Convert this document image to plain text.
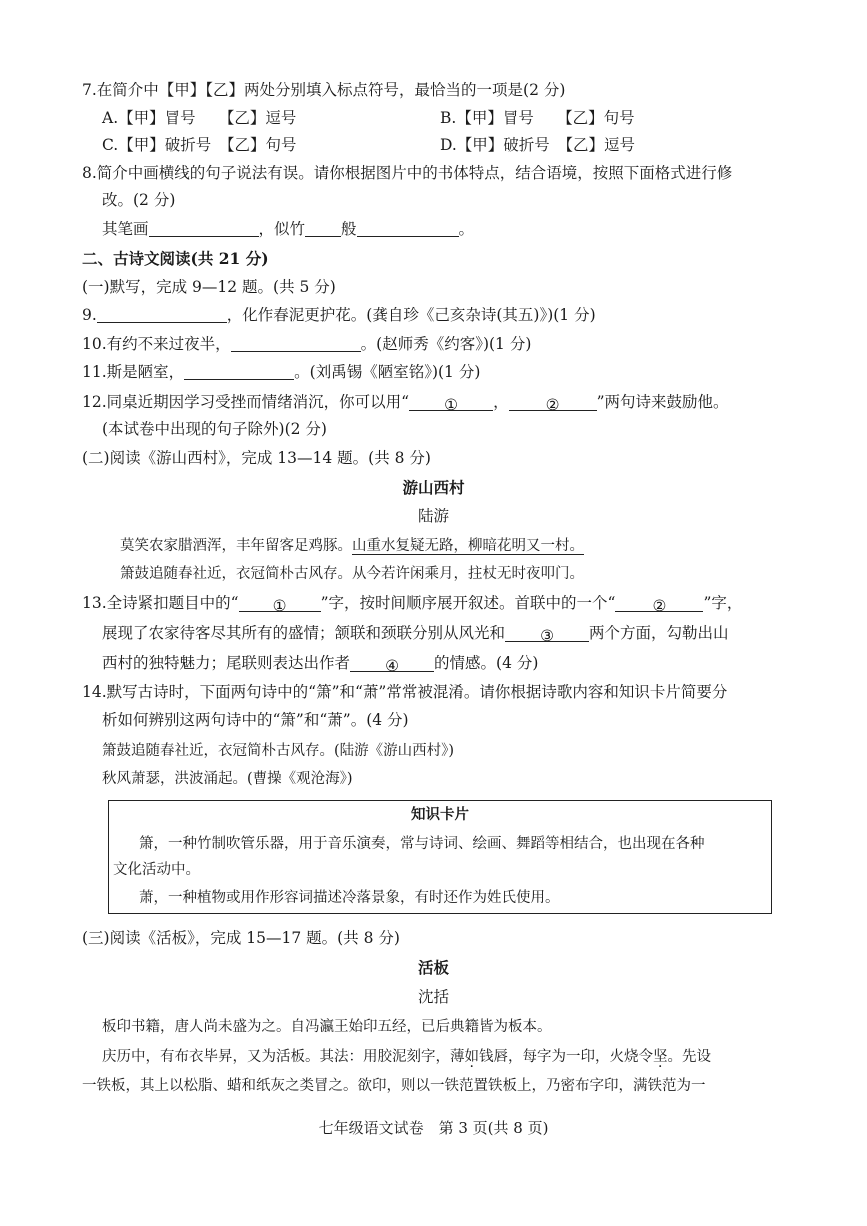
7.在简介中【甲】【乙】两处分别填入标点符号，最恰当的一项是(2 分)
A.【甲】冒号　　【乙】逗号	B.【甲】冒号　　【乙】句号
C.【甲】破折号　【乙】句号	D.【甲】破折号　【乙】逗号
8.简介中画横线的句子说法有误。请你根据图片中的书体特点，结合语境，按照下面格式进行修
改。(2 分)
其笔画	，似竹 般	。
二、古诗文阅读(共 21 分)
(一)默写，完成 9—12 题。(共 5 分)
9.	，化作春泥更护花。(龚自珍《己亥杂诗(其五)》)(1 分)
10.有约不来过夜半，	。(赵师秀《约客》)(1 分)
11.斯是陋室，	。(刘禹锡《陋室铭》)(1 分)
12.同桌近期因学习受挫而情绪消沉，你可以用“ ① ， ② ”两句诗来鼓励他。
(本试卷中出现的句子除外)(2 分)
(二)阅读《游山西村》，完成 13—14 题。(共 8 分)
游山西村
陆游
莫笑农家腊酒浑，丰年留客足鸡豚。山重水复疑无路，柳暗花明又一村。
箫鼓追随春社近，衣冠简朴古风存。从今若许闲乘月，拄杖无时夜叩门。
13.全诗紧扣题目中的“ ① ”字，按时间顺序展开叙述。首联中的一个“ ② ”字，
展现了农家待客尽其所有的盛情；颔联和颈联分别从风光和 ③ 两个方面，勾勒出山
西村的独特魅力；尾联则表达出作者 ④ 的情感。(4 分)
14.默写古诗时，下面两句诗中的“箫”和“萧”常常被混淆。请你根据诗歌内容和知识卡片简要分
析如何辨别这两句诗中的“箫”和“萧”。(4 分)
箫鼓追随春社近，衣冠简朴古风存。(陆游《游山西村》)
秋风萧瑟，洪波涌起。(曹操《观沧海》)
知识卡片
箫，一种竹制吹管乐器，用于音乐演奏，常与诗词、绘画、舞蹈等相结合，也出现在各种
文化活动中。
萧，一种植物或用作形容词描述冷落景象，有时还作为姓氏使用。
(三)阅读《活板》，完成 15—17 题。(共 8 分)
活板
沈括
板印书籍，唐人尚未盛为之。自冯瀛王始印五经，已后典籍皆为板本。
庆历中，有布衣毕昇，又为活板。其法：用胶泥刻字，薄如钱唇，每字为一印，火烧令坚。先设
一铁板，其上以松脂、蜡和纸灰之类冒之。欲印，则以一铁范置铁板上，乃密布字印，满铁范为一
七年级语文试卷　第 3 页(共 8 页)
